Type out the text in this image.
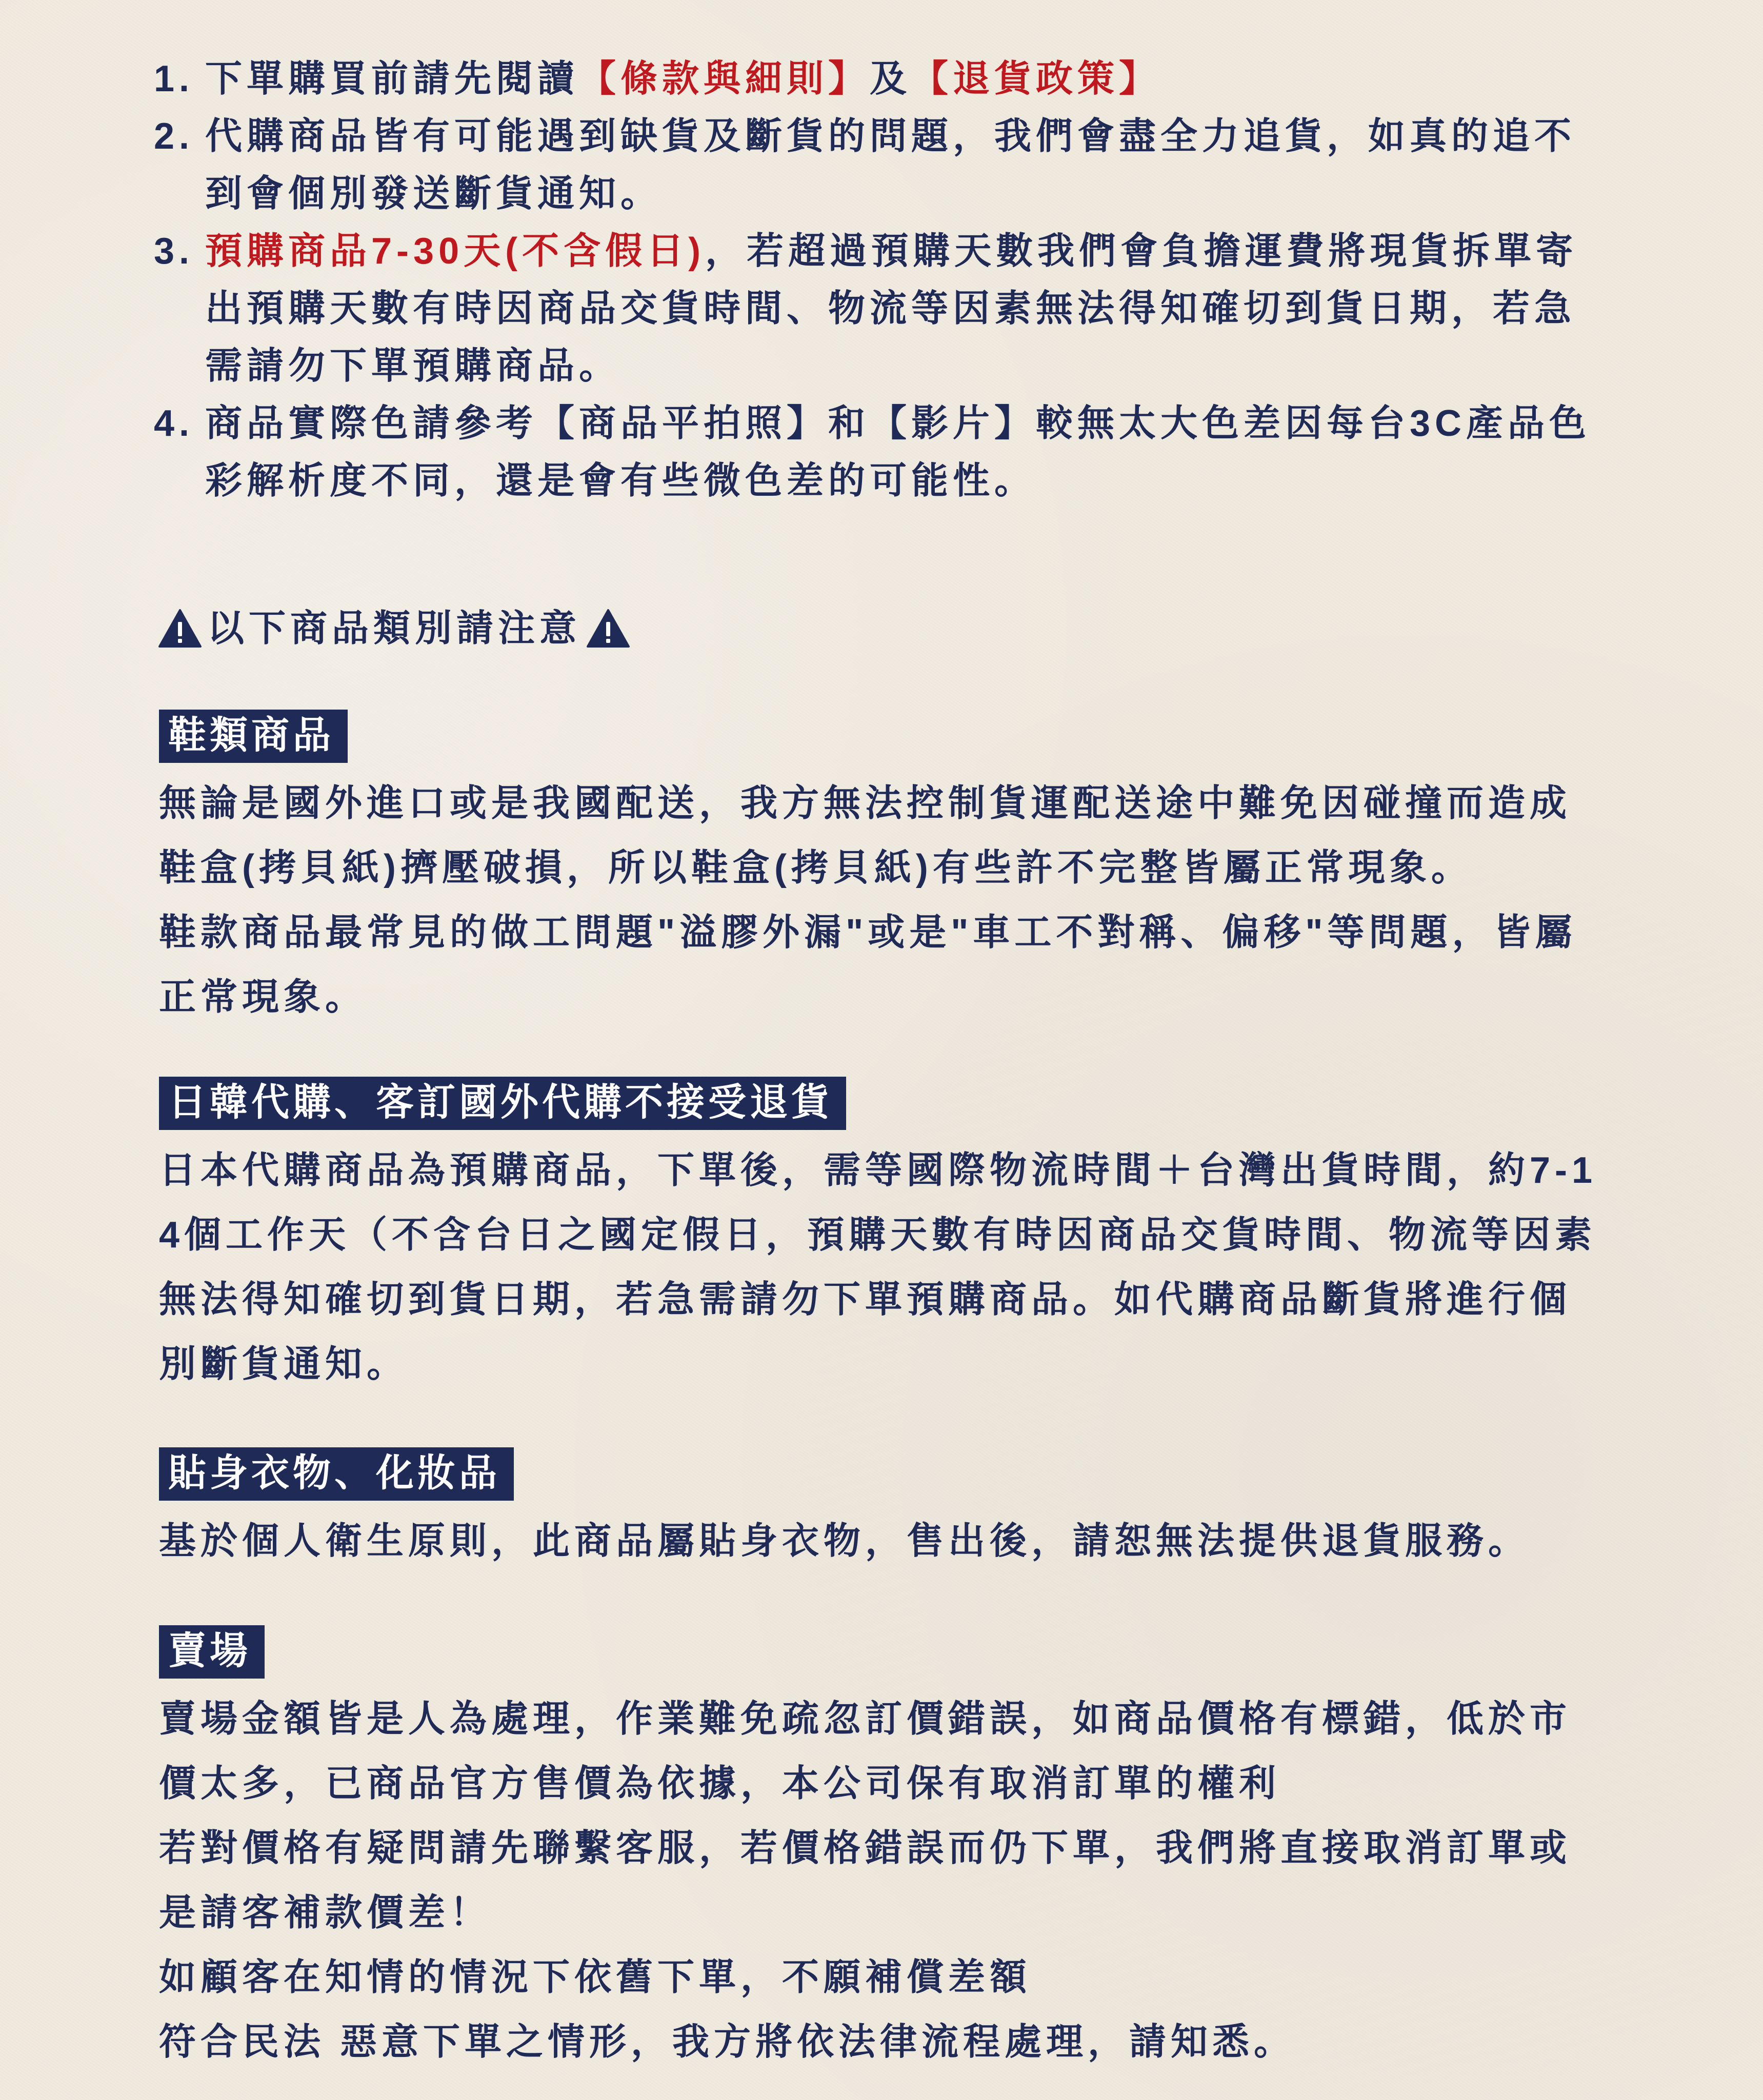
1. 下單購買前請先閱讀【條款與細則】及【退貨政策】
2. 代購商品皆有可能遇到缺貨及斷貨的問題，我們會盡全力追貨，如真的追不到會個別發送斷貨通知。
3. 預購商品7-30天(不含假日)，若超過預購天數我們會負擔運費將現貨拆單寄出預購天數有時因商品交貨時間、物流等因素無法得知確切到貨日期，若急需請勿下單預購商品。
4. 商品實際色請參考【商品平拍照】和【影片】較無太大色差因每台3C產品色彩解析度不同，還是會有些微色差的可能性。
以下商品類別請注意
鞋類商品

無論是國外進口或是我國配送，我方無法控制貨運配送途中難免因碰撞而造成鞋盒(拷貝紙)擠壓破損，所以鞋盒(拷貝紙)有些許不完整皆屬正常現象。

鞋款商品最常見的做工問題"溢膠外漏"或是"車工不對稱、偏移"等問題，皆屬正常現象。

日韓代購、客訂國外代購不接受退貨

日本代購商品為預購商品，下單後，需等國際物流時間＋台灣出貨時間，約7-14個工作天（不含台日之國定假日，預購天數有時因商品交貨時間、物流等因素無法得知確切到貨日期，若急需請勿下單預購商品。如代購商品斷貨將進行個別斷貨通知。

貼身衣物、化妝品

基於個人衛生原則，此商品屬貼身衣物，售出後，請恕無法提供退貨服務。

賣場

賣場金額皆是人為處理，作業難免疏忽訂價錯誤，如商品價格有標錯，低於市價太多，已商品官方售價為依據，本公司保有取消訂單的權利

若對價格有疑問請先聯繫客服，若價格錯誤而仍下單，我們將直接取消訂單或是請客補款價差！

如顧客在知情的情況下依舊下單，不願補償差額

符合民法 惡意下單之情形，我方將依法律流程處理，請知悉。
